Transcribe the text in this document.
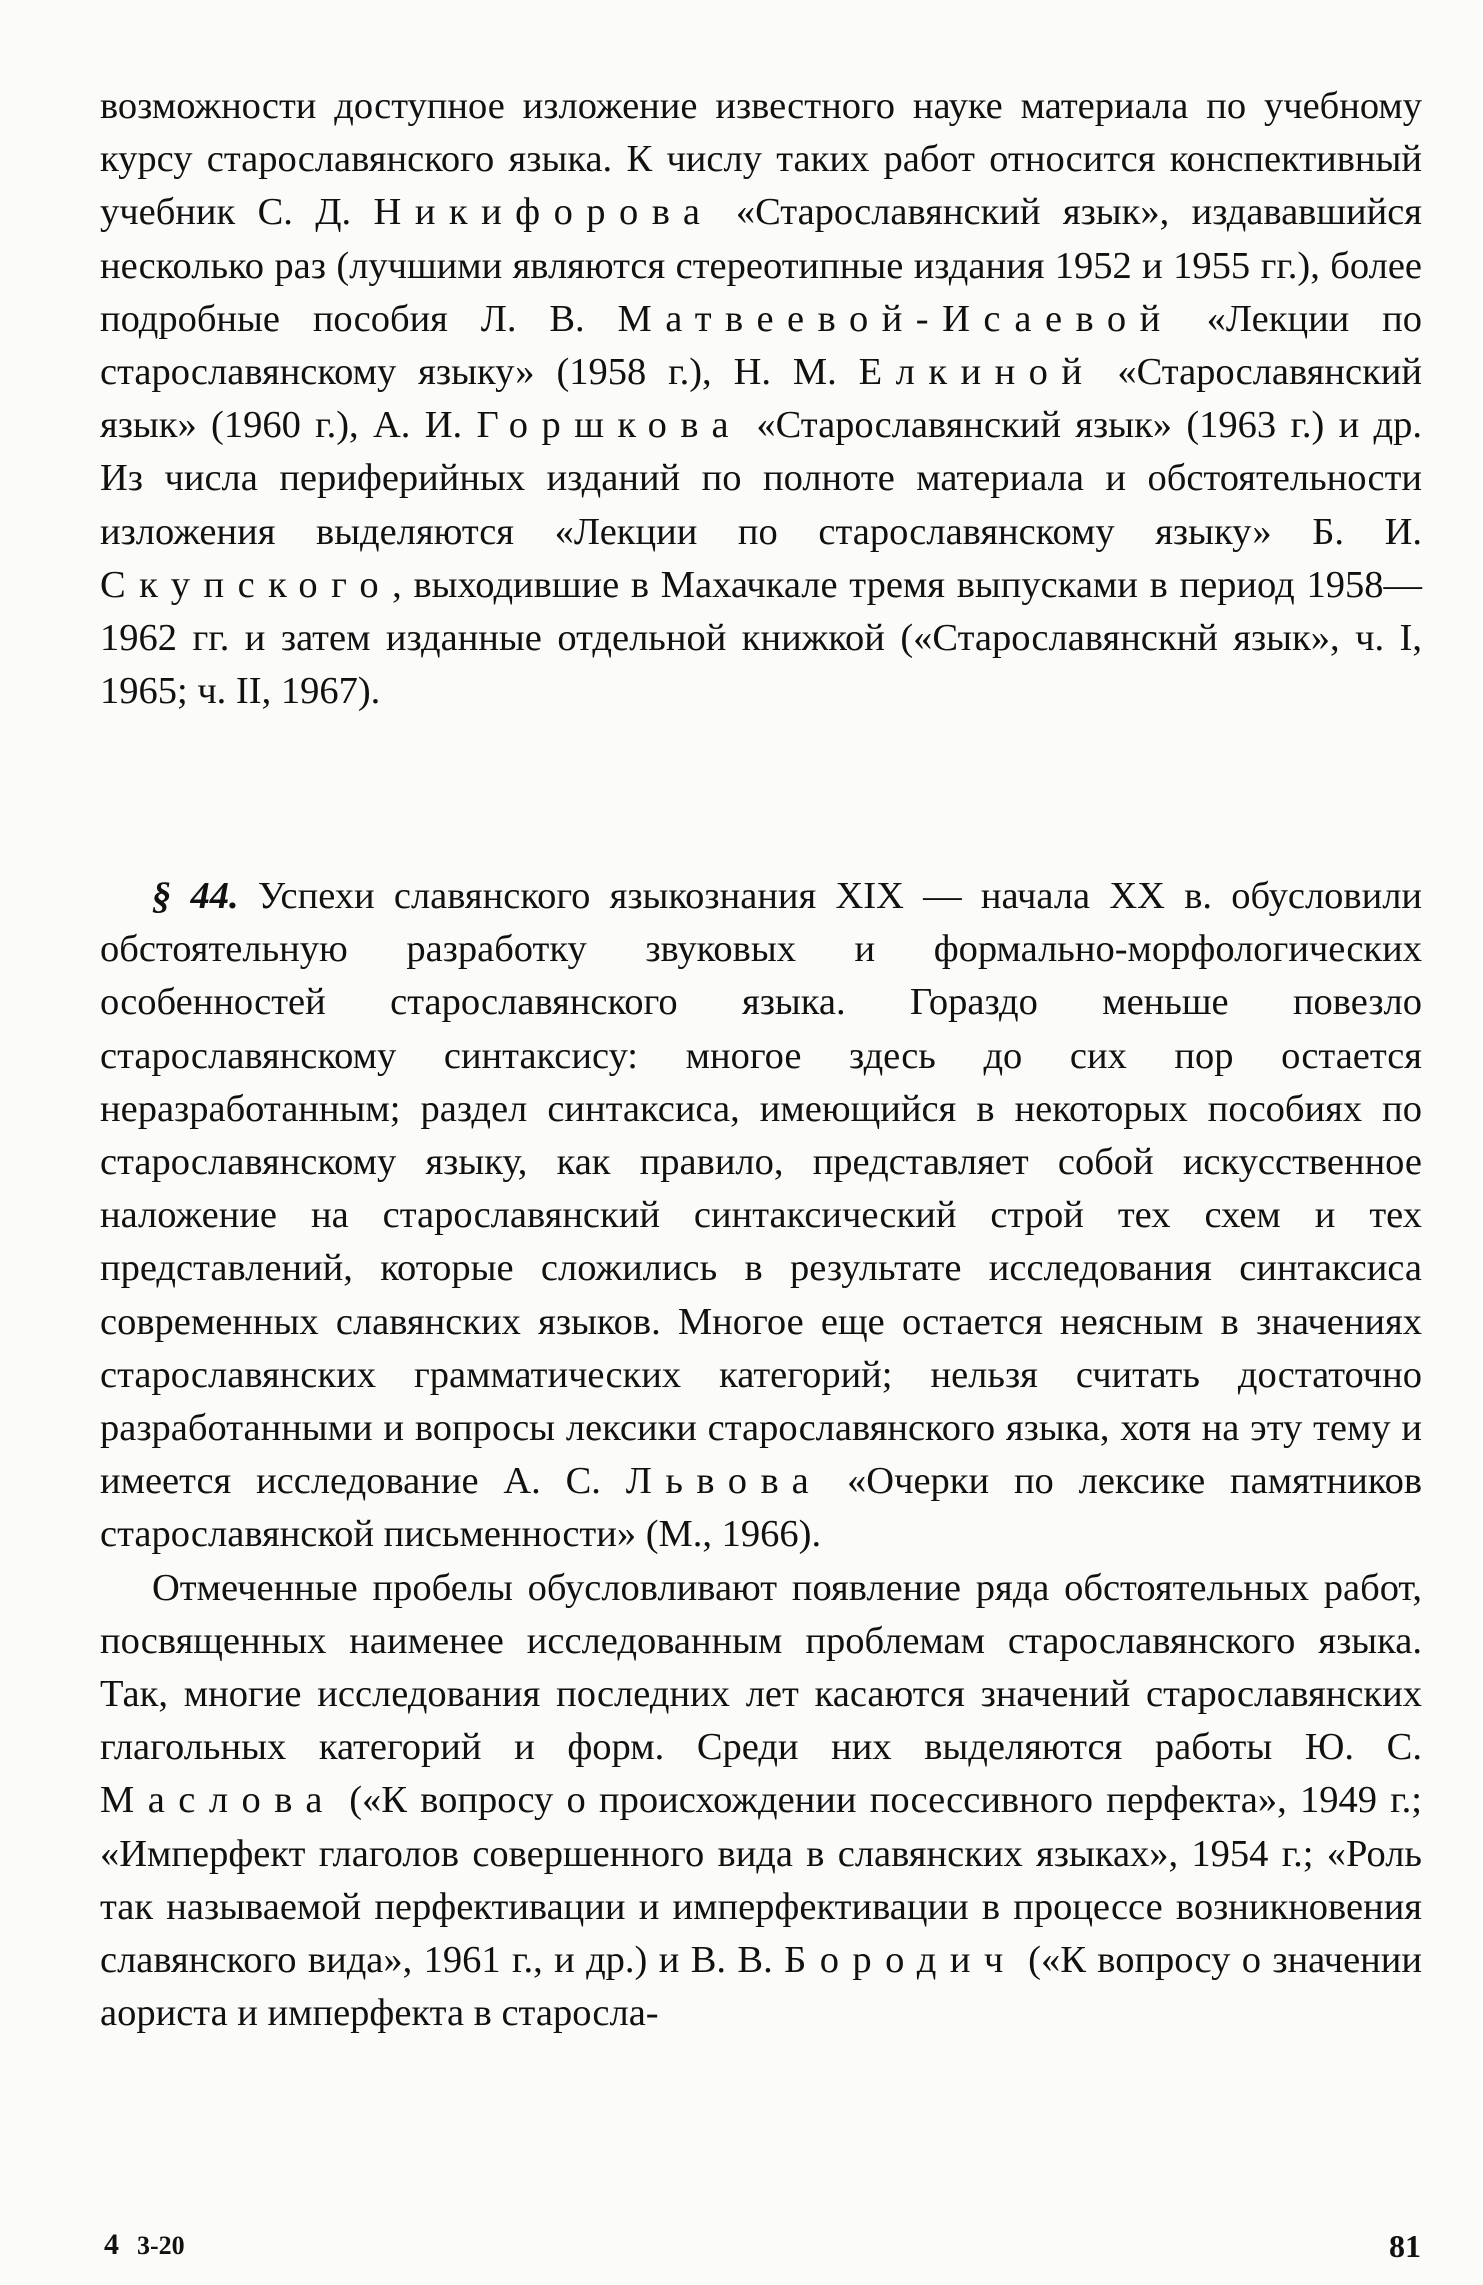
возможности доступное изложение известного науке материала по учебному курсу старославянского языка. К числу таких работ относится конспективный учебник С. Д. Никифорова «Старославянский язык», издававшийся несколько раз (лучшими являются стереотипные издания 1952 и 1955 гг.), более подробные пособия Л. В. Матвеевой-Исаевой «Лекции по старославянскому языку» (1958 г.), Н. М. Елкиной «Старославянский язык» (1960 г.), А. И. Горшкова «Старославянский язык» (1963 г.) и др. Из числа периферийных изданий по полноте материала и обстоятельности изложения выделяются «Лекции по старославянскому языку» Б. И. Скупского, выходившие в Махачкале тремя выпусками в период 1958—1962 гг. и затем изданные отдельной книжкой («Старославянскнй язык», ч. I, 1965; ч. II, 1967).

§ 44. Успехи славянского языкознания XIX — начала XX в. обусловили обстоятельную разработку звуковых и формально-морфологических особенностей старославянского языка. Гораздо меньше повезло старославянскому синтаксису: многое здесь до сих пор остается неразработанным; раздел синтаксиса, имеющийся в некоторых пособиях по старославянскому языку, как правило, представляет собой искусственное наложение на старославянский синтаксический строй тех схем и тех представлений, которые сложились в результате исследования синтаксиса современных славянских языков. Многое еще остается неясным в значениях старославянских грамматических категорий; нельзя считать достаточно разработанными и вопросы лексики старославянского языка, хотя на эту тему и имеется исследование А. С. Львова «Очерки по лексике памятников старославянской письменности» (М., 1966).

Отмеченные пробелы обусловливают появление ряда обстоятельных работ, посвященных наименее исследованным проблемам старославянского языка. Так, многие исследования последних лет касаются значений старославянских глагольных категорий и форм. Среди них выделяются работы Ю. С. Маслова («К вопросу о происхождении посессивного перфекта», 1949 г.; «Имперфект глаголов совершенного вида в славянских языках», 1954 г.; «Роль так называемой перфективации и имперфективации в процессе возникновения славянского вида», 1961 г., и др.) и В. В. Бородич («К вопросу о значении аориста и имперфекта в старосла-

4 3-20	81
